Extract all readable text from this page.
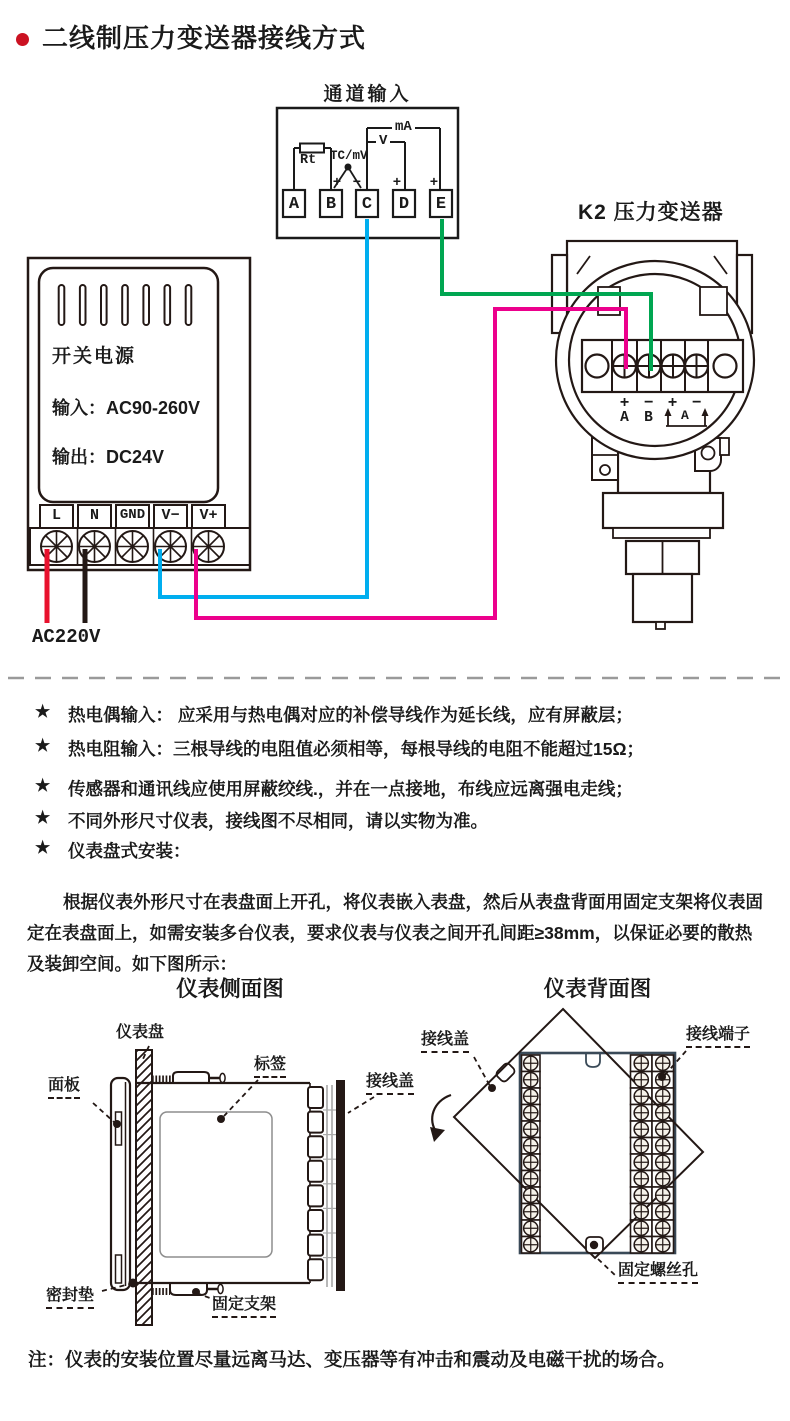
二线制压力变送器接线方式
通道输入
A	B	C	D	E
Rt TC/mV
V
mA
+ − + +
K2 压力变送器
+ − + −
A B	A
开关电源
输入：AC90-260V
输出：DC24V
L	N	GND	V−	V+
AC220V
★	热电偶输入： 应采用与热电偶对应的补偿导线作为延长线，应有屏蔽层；
★	热电阻输入：三根导线的电阻值必须相等，每根导线的电阻不能超过15Ω；
★	传感器和通讯线应使用屏蔽绞线.，并在一点接地，布线应远离强电走线；
★	不同外形尺寸仪表，接线图不尽相同，请以实物为准。
★	仪表盘式安装：

根据仪表外形尺寸在表盘面上开孔，将仪表嵌入表盘，然后从表盘背面用固定支架将仪表固定在表盘面上，如需安装多台仪表，要求仪表与仪表之间开孔间距≥38mm，以保证必要的散热及装卸空间。如下图所示：

仪表侧面图	仪表背面图
仪表盘
面板
标签
接线盖
密封垫
固定支架
接线盖	接线端子
固定螺丝孔
注：仪表的安装位置尽量远离马达、变压器等有冲击和震动及电磁干扰的场合。
